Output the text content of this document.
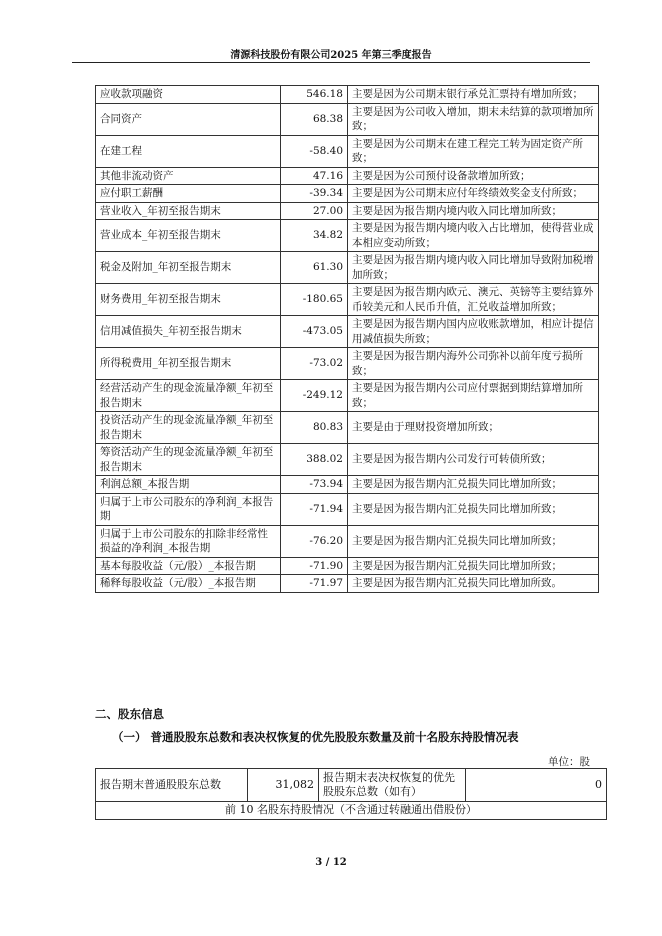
清源科技股份有限公司2025 年第三季度报告
应收款项融资	546.18	主要是因为公司期末银行承兑汇票持有增加所致；
合同资产	68.38	主要是因为公司收入增加，期末未结算的款项增加所致；
在建工程	-58.40	主要是因为公司期末在建工程完工转为固定资产所致；
其他非流动资产	47.16	主要是因为公司预付设备款增加所致；
应付职工薪酬	-39.34	主要是因为公司期末应付年终绩效奖金支付所致；
营业收入_年初至报告期末	27.00	主要是因为报告期内境内收入同比增加所致；
营业成本_年初至报告期末	34.82	主要是因为报告期内境内收入占比增加，使得营业成本相应变动所致；
税金及附加_年初至报告期末	61.30	主要是因为报告期内境内收入同比增加导致附加税增加所致；
财务费用_年初至报告期末	-180.65	主要是因为报告期内欧元、澳元、英镑等主要结算外币较美元和人民币升值，汇兑收益增加所致；
信用减值损失_年初至报告期末	-473.05	主要是因为报告期内国内应收账款增加，相应计提信用减值损失所致；
所得税费用_年初至报告期末	-73.02	主要是因为报告期内海外公司弥补以前年度亏损所致；
经营活动产生的现金流量净额_年初至报告期末	-249.12	主要是因为报告期内公司应付票据到期结算增加所致；
投资活动产生的现金流量净额_年初至报告期末	80.83	主要是由于理财投资增加所致；
筹资活动产生的现金流量净额_年初至报告期末	388.02	主要是因为报告期内公司发行可转债所致；
利润总额_本报告期	-73.94	主要是因为报告期内汇兑损失同比增加所致；
归属于上市公司股东的净利润_本报告期	-71.94	主要是因为报告期内汇兑损失同比增加所致；
归属于上市公司股东的扣除非经常性损益的净利润_本报告期	-76.20	主要是因为报告期内汇兑损失同比增加所致；
基本每股收益（元/股）_本报告期	-71.90	主要是因为报告期内汇兑损失同比增加所致；
稀释每股收益（元/股）_本报告期	-71.97	主要是因为报告期内汇兑损失同比增加所致。
二、股东信息
（一） 普通股股东总数和表决权恢复的优先股股东数量及前十名股东持股情况表
单位：股
报告期末普通股股东总数	31,082	报告期末表决权恢复的优先股股东总数（如有）	0
前 10 名股东持股情况（不含通过转融通出借股份）
3 / 12
